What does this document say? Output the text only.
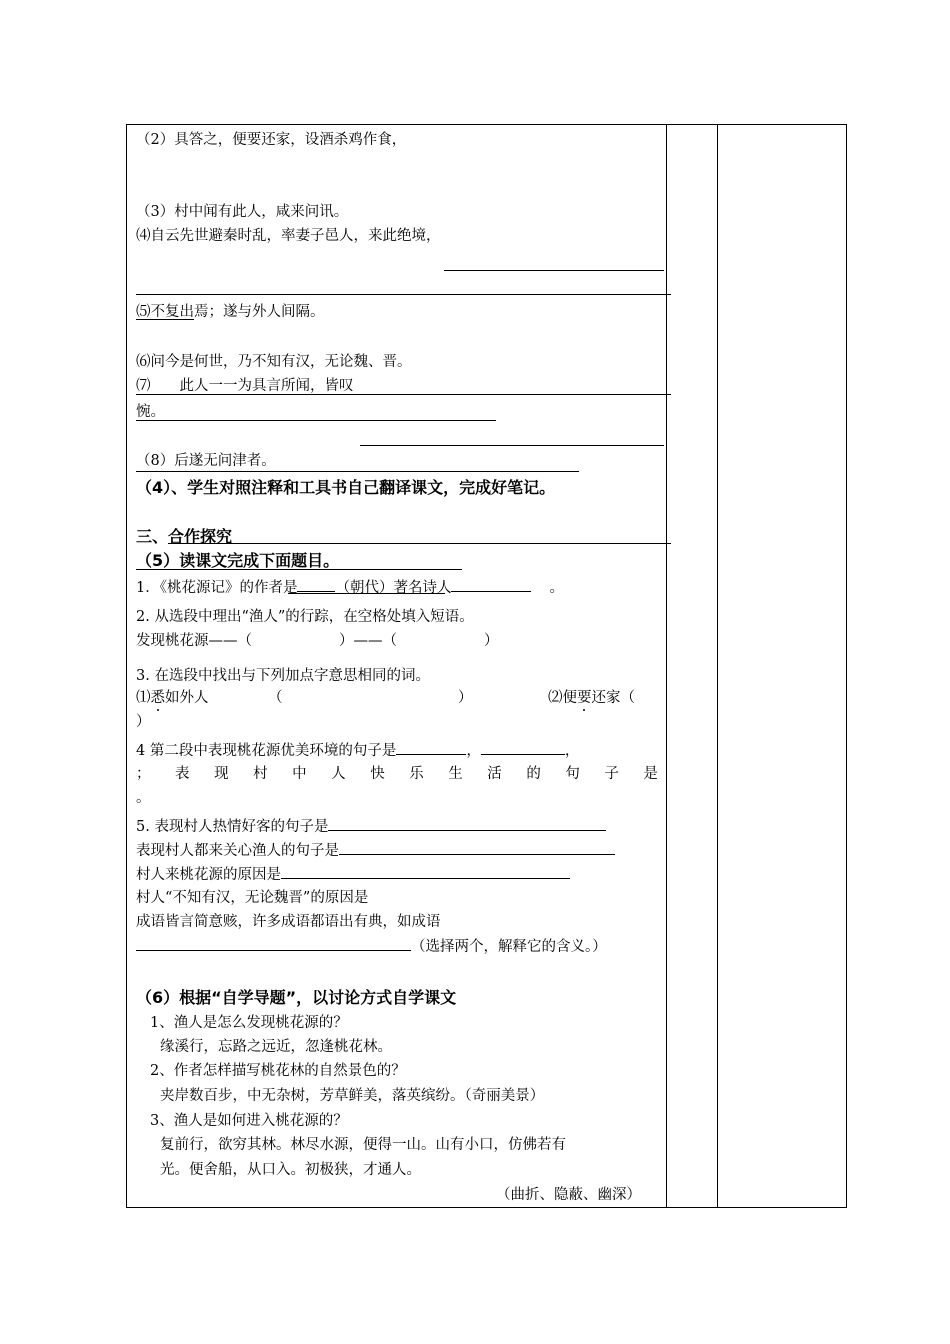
（2）具答之，便要还家，设酒杀鸡作食，
（3）村中闻有此人，咸来问讯。
⑷自云先世避秦时乱，率妻子邑人，来此绝境，
⑸不复出焉；遂与外人间隔。
⑹问今是何世，乃不知有汉，无论魏、晋。
⑺　　此人一一为具言所闻，皆叹
惋。
（8）后遂无问津者。
（4）、学生对照注释和工具书自己翻译课文，完成好笔记。
三、合作探究
（5）读课文完成下面题目。
1．《桃花源记》的作者是	（朝代）著名诗人	。
2. 从选段中理出“渔人”的行踪，在空格处填入短语。
发现桃花源——（　　　　　　）——（　　　　　　）
3. 在选段中找出与下列加点字意思相同的词。
⑴悉如外人	（	）	⑵便要还家（
）
4 第二段中表现桃花源优美环境的句子是	，	，
； 表 现 村 中 人 快 乐 生 活 的 句 子 是
。
5. 表现村人热情好客的句子是
表现村人都来关心渔人的句子是
村人来桃花源的原因是
村人“不知有汉，无论魏晋”的原因是
成语皆言简意赅，许多成语都语出有典，如成语
（选择两个，解释它的含义。）
（6）根据“自学导题”，以讨论方式自学课文
1、渔人是怎么发现桃花源的？
缘溪行，忘路之远近，忽逢桃花林。
2、作者怎样描写桃花林的自然景色的？
夹岸数百步，中无杂树，芳草鲜美，落英缤纷。（奇丽美景）
3、渔人是如何进入桃花源的？
复前行，欲穷其林。林尽水源，便得一山。山有小口，仿佛若有
光。便舍船，从口入。初极狭，才通人。
（曲折、隐蔽、幽深）
